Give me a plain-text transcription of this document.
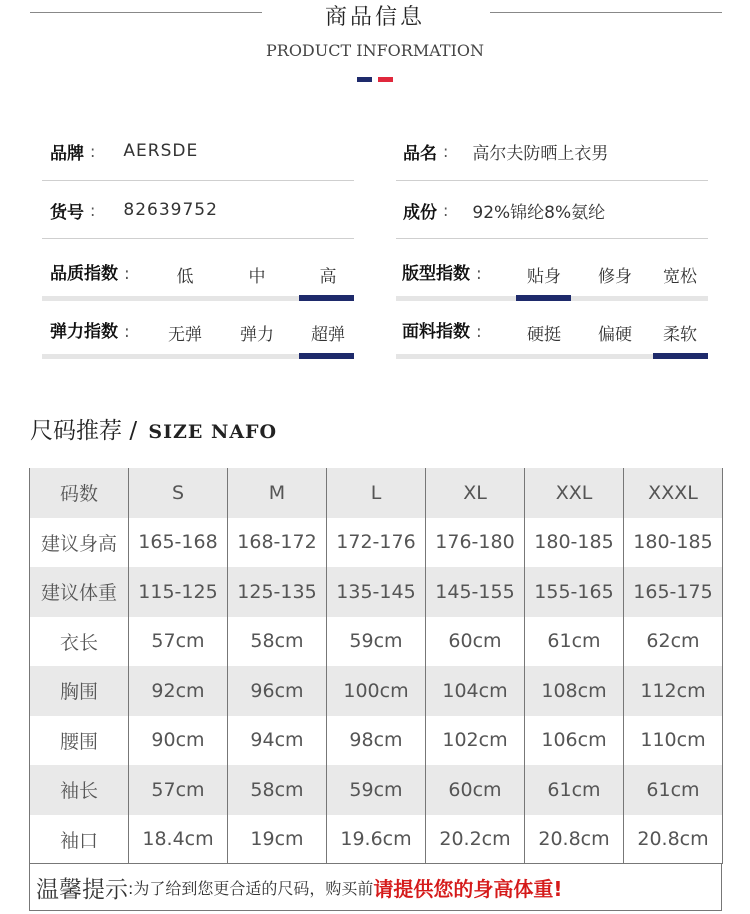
商品信息
PRODUCT INFORMATION
品牌 : AERSDE	品名 : 高尔夫防晒上衣男
货号 : 82639752	成份 : 92%锦纶8%氨纶
品质指数 :	低	中	高	版型指数 :	贴身	修身	宽松
弹力指数 :	无弹	弹力	超弹	面料指数 :	硬挺	偏硬	柔软
尺码推荐 / SIZE NAFO
码数	S	M	L	XL	XXL	XXXL
建议身高	165-168	168-172	172-176	176-180	180-185	180-185
建议体重	115-125	125-135	135-145	145-155	155-165	165-175
衣长	57cm	58cm	59cm	60cm	61cm	62cm
胸围	92cm	96cm	100cm	104cm	108cm	112cm
腰围	90cm	94cm	98cm	102cm	106cm	110cm
袖长	57cm	58cm	59cm	60cm	61cm	61cm
袖口	18.4cm	19cm	19.6cm	20.2cm	20.8cm	20.8cm
温馨提示 :为了给到您更合适的尺码，购买前 请提供您的身高体重!
